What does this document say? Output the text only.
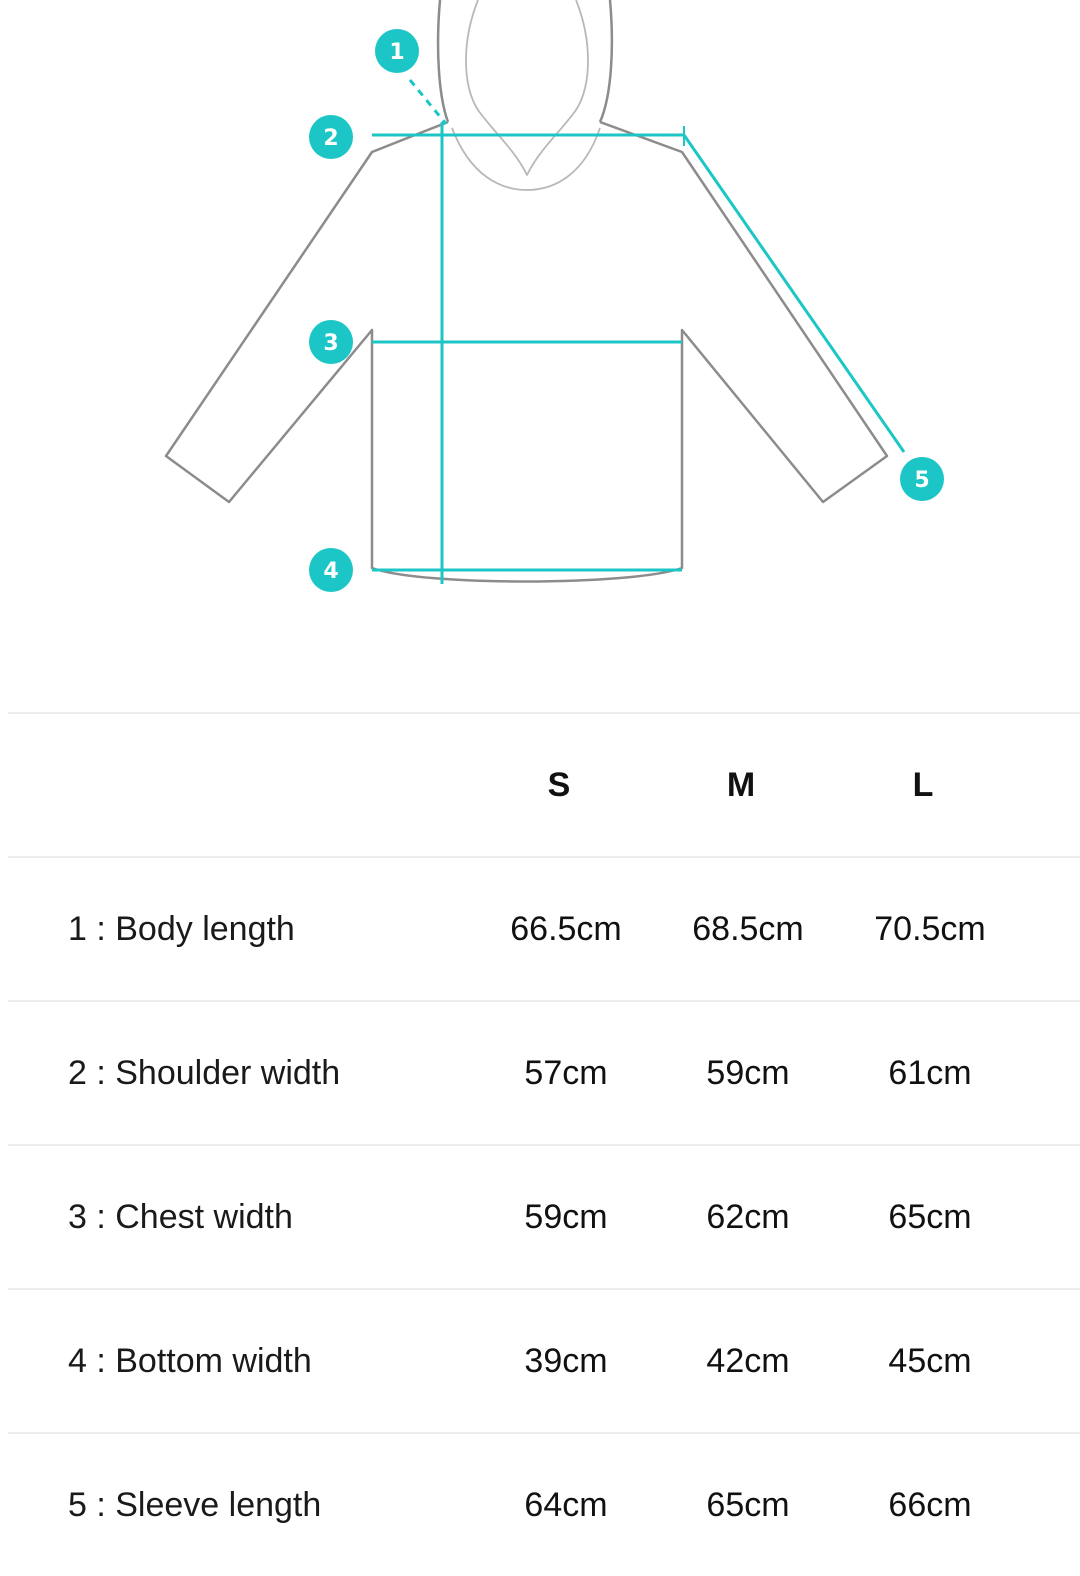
1
2
3
4
5
S	M	L
1 : Body length	66.5cm	68.5cm	70.5cm
2 : Shoulder width	57cm	59cm	61cm
3 : Chest width	59cm	62cm	65cm
4 : Bottom width	39cm	42cm	45cm
5 : Sleeve length	64cm	65cm	66cm
